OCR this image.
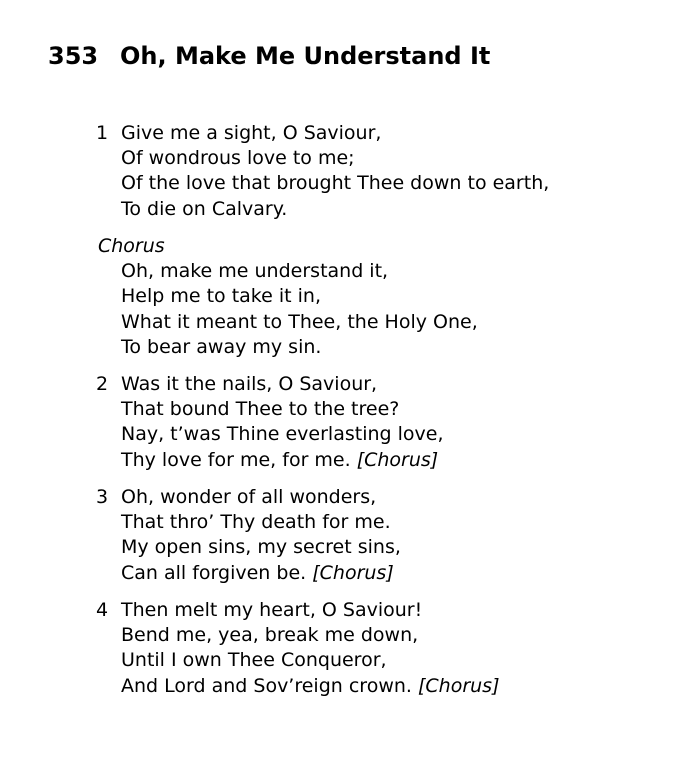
353 Oh, Make Me Understand It
1 Give me a sight, O Saviour,
Of wondrous love to me;
Of the love that brought Thee down to earth,
To die on Calvary.
Chorus
Oh, make me understand it,
Help me to take it in,
What it meant to Thee, the Holy One,
To bear away my sin.
2 Was it the nails, O Saviour,
That bound Thee to the tree?
Nay, t’was Thine everlasting love,
Thy love for me, for me. [Chorus]
3 Oh, wonder of all wonders,
That thro’ Thy death for me.
My open sins, my secret sins,
Can all forgiven be. [Chorus]
4 Then melt my heart, O Saviour!
Bend me, yea, break me down,
Until I own Thee Conqueror,
And Lord and Sov’reign crown. [Chorus]
